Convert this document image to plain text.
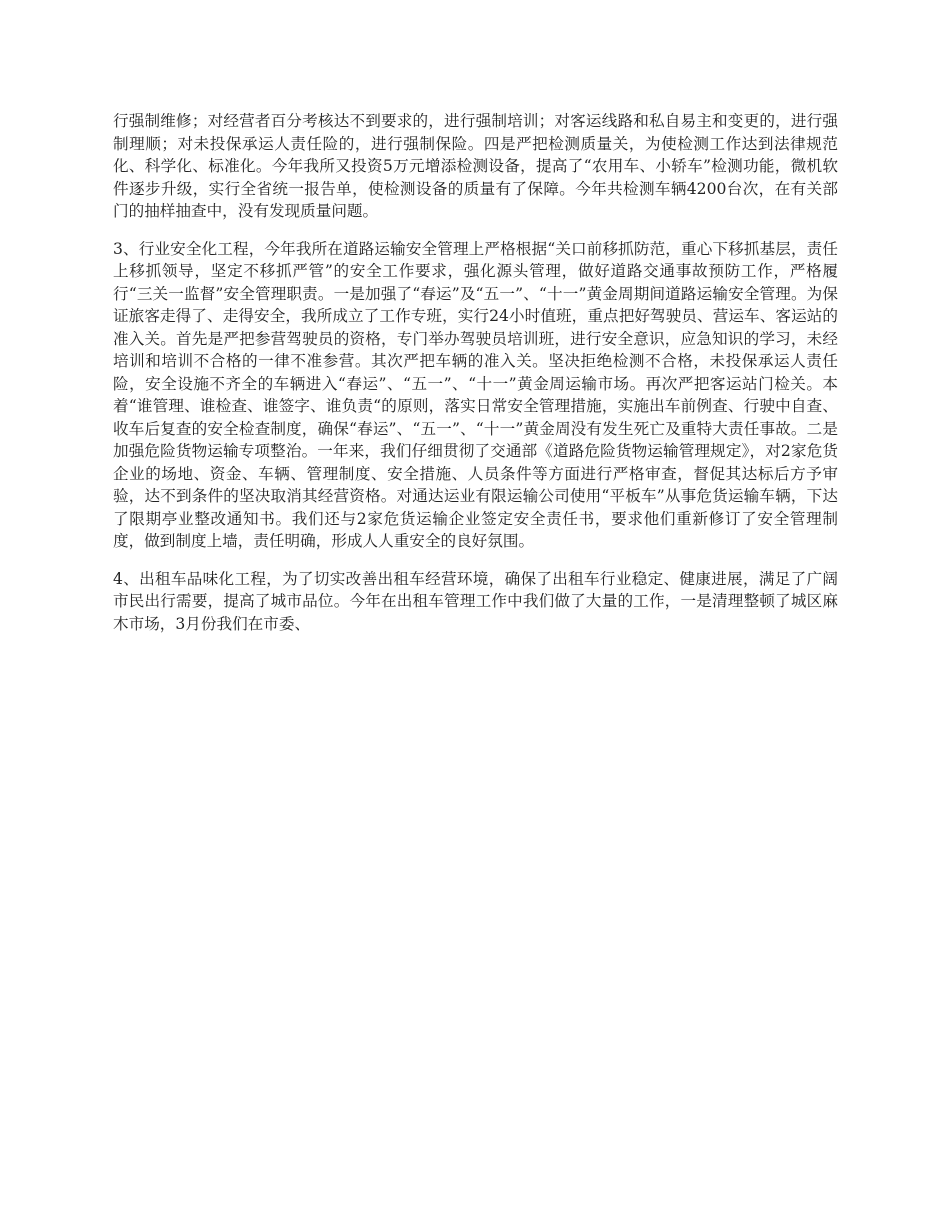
行强制维修；对经营者百分考核达不到要求的，进行强制培训；对客运线路和私自易主和变更的，进行强制理顺；对未投保承运人责任险的，进行强制保险。四是严把检测质量关，为使检测工作达到法律规范化、科学化、标准化。今年我所又投资5万元增添检测设备，提高了“农用车、小轿车”检测功能，微机软件逐步升级，实行全省统一报告单，使检测设备的质量有了保障。今年共检测车辆4200台次，在有关部门的抽样抽查中，没有发现质量问题。

3、行业安全化工程，今年我所在道路运输安全管理上严格根据“关口前移抓防范，重心下移抓基层，责任上移抓领导，坚定不移抓严管”的安全工作要求，强化源头管理，做好道路交通事故预防工作，严格履行“三关一监督”安全管理职责。一是加强了“春运”及“五一”、“十一”黄金周期间道路运输安全管理。为保证旅客走得了、走得安全，我所成立了工作专班，实行24小时值班，重点把好驾驶员、营运车、客运站的准入关。首先是严把参营驾驶员的资格，专门举办驾驶员培训班，进行安全意识，应急知识的学习，未经培训和培训不合格的一律不准参营。其次严把车辆的准入关。坚决拒绝检测不合格，未投保承运人责任险，安全设施不齐全的车辆进入“春运”、“五一”、“十一”黄金周运输市场。再次严把客运站门检关。本着“谁管理、谁检查、谁签字、谁负责“的原则，落实日常安全管理措施，实施出车前例查、行驶中自查、收车后复查的安全检查制度，确保“春运”、“五一”、“十一”黄金周没有发生死亡及重特大责任事故。二是加强危险货物运输专项整治。一年来，我们仔细贯彻了交通部《道路危险货物运输管理规定》，对2家危货企业的场地、资金、车辆、管理制度、安全措施、人员条件等方面进行严格审查，督促其达标后方予审验，达不到条件的坚决取消其经营资格。对通达运业有限运输公司使用“平板车”从事危货运输车辆，下达了限期亭业整改通知书。我们还与2家危货运输企业签定安全责任书，要求他们重新修订了安全管理制度，做到制度上墙，责任明确，形成人人重安全的良好氛围。

4、出租车品味化工程，为了切实改善出租车经营环境，确保了出租车行业稳定、健康进展，满足了广阔市民出行需要，提高了城市品位。今年在出租车管理工作中我们做了大量的工作，一是清理整顿了城区麻木市场，3月份我们在市委、
